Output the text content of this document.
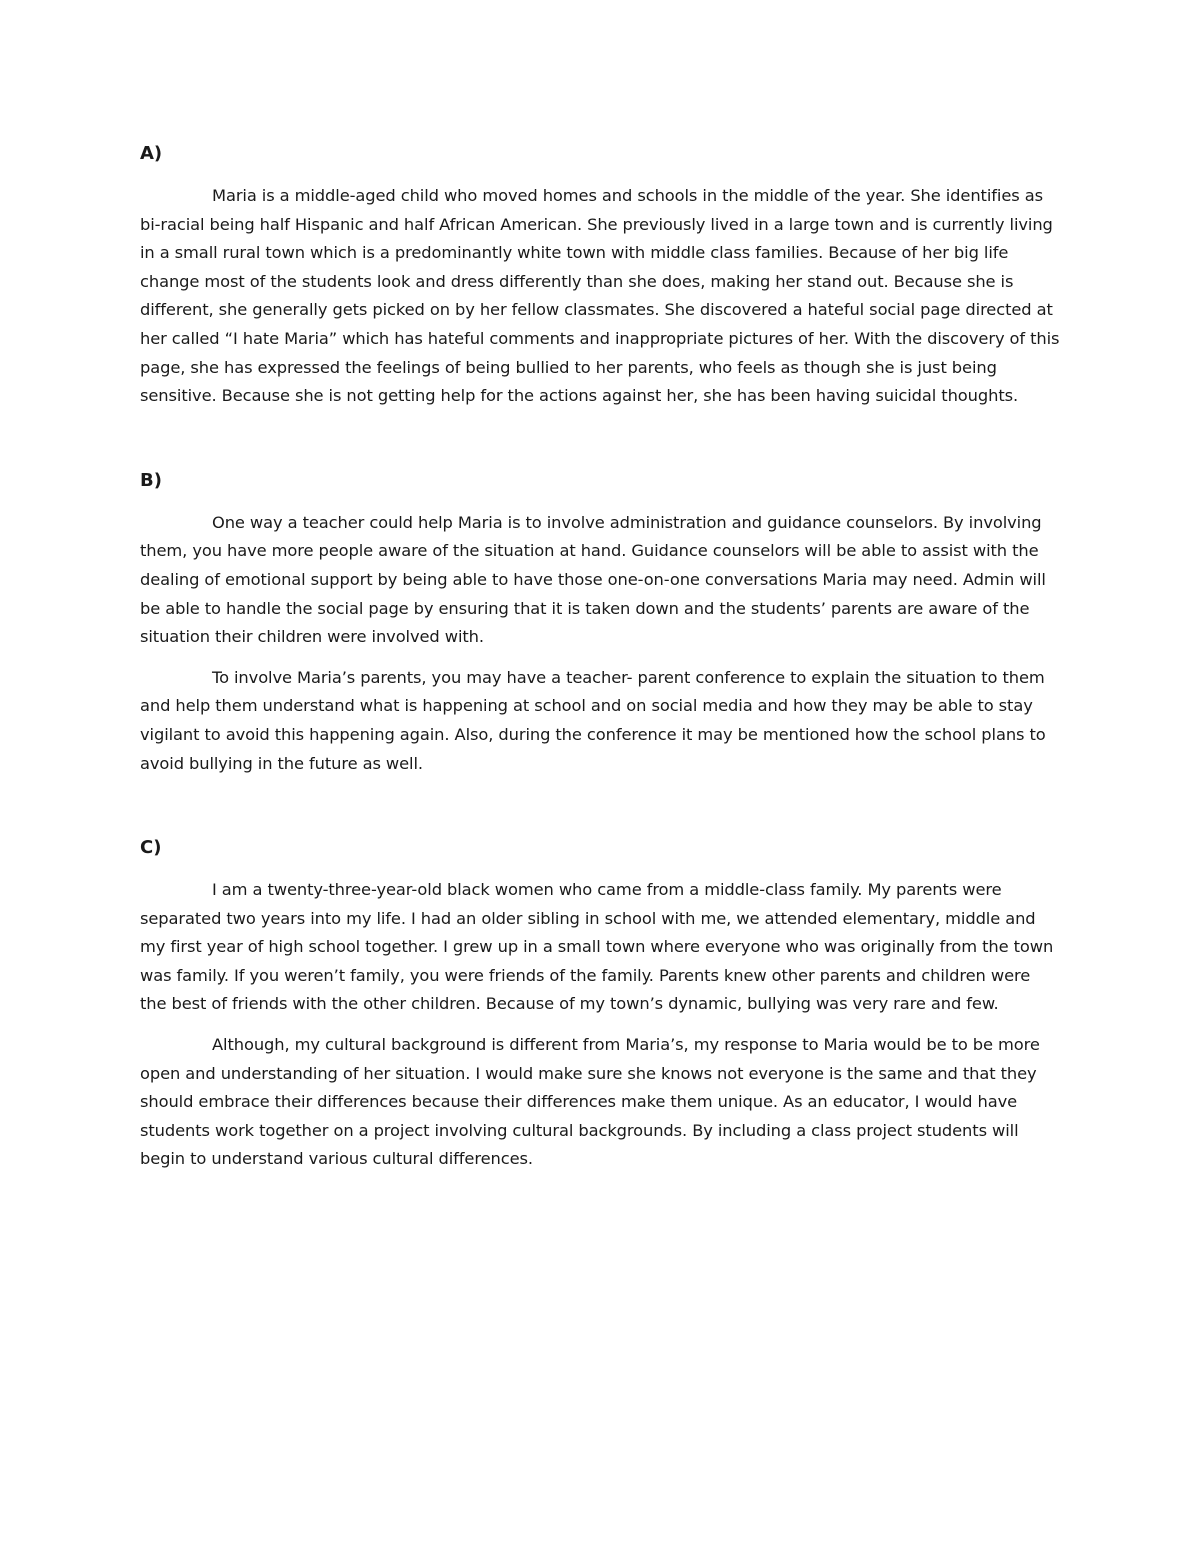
A)

Maria is a middle-aged child who moved homes and schools in the middle of the year. She identifies as bi-racial being half Hispanic and half African American. She previously lived in a large town and is currently living in a small rural town which is a predominantly white town with middle class families. Because of her big life change most of the students look and dress differently than she does, making her stand out. Because she is different, she generally gets picked on by her fellow classmates. She discovered a hateful social page directed at her called “I hate Maria” which has hateful comments and inappropriate pictures of her. With the discovery of this page, she has expressed the feelings of being bullied to her parents, who feels as though she is just being sensitive. Because she is not getting help for the actions against her, she has been having suicidal thoughts.

B)

One way a teacher could help Maria is to involve administration and guidance counselors. By involving them, you have more people aware of the situation at hand. Guidance counselors will be able to assist with the dealing of emotional support by being able to have those one-on-one conversations Maria may need. Admin will be able to handle the social page by ensuring that it is taken down and the students’ parents are aware of the situation their children were involved with.

To involve Maria’s parents, you may have a teacher- parent conference to explain the situation to them and help them understand what is happening at school and on social media and how they may be able to stay vigilant to avoid this happening again. Also, during the conference it may be mentioned how the school plans to avoid bullying in the future as well.

C)

I am a twenty-three-year-old black women who came from a middle-class family. My parents were separated two years into my life. I had an older sibling in school with me, we attended elementary, middle and my first year of high school together. I grew up in a small town where everyone who was originally from the town was family. If you weren’t family, you were friends of the family. Parents knew other parents and children were the best of friends with the other children. Because of my town’s dynamic, bullying was very rare and few.

Although, my cultural background is different from Maria’s, my response to Maria would be to be more open and understanding of her situation. I would make sure she knows not everyone is the same and that they should embrace their differences because their differences make them unique. As an educator, I would have students work together on a project involving cultural backgrounds. By including a class project students will begin to understand various cultural differences.
